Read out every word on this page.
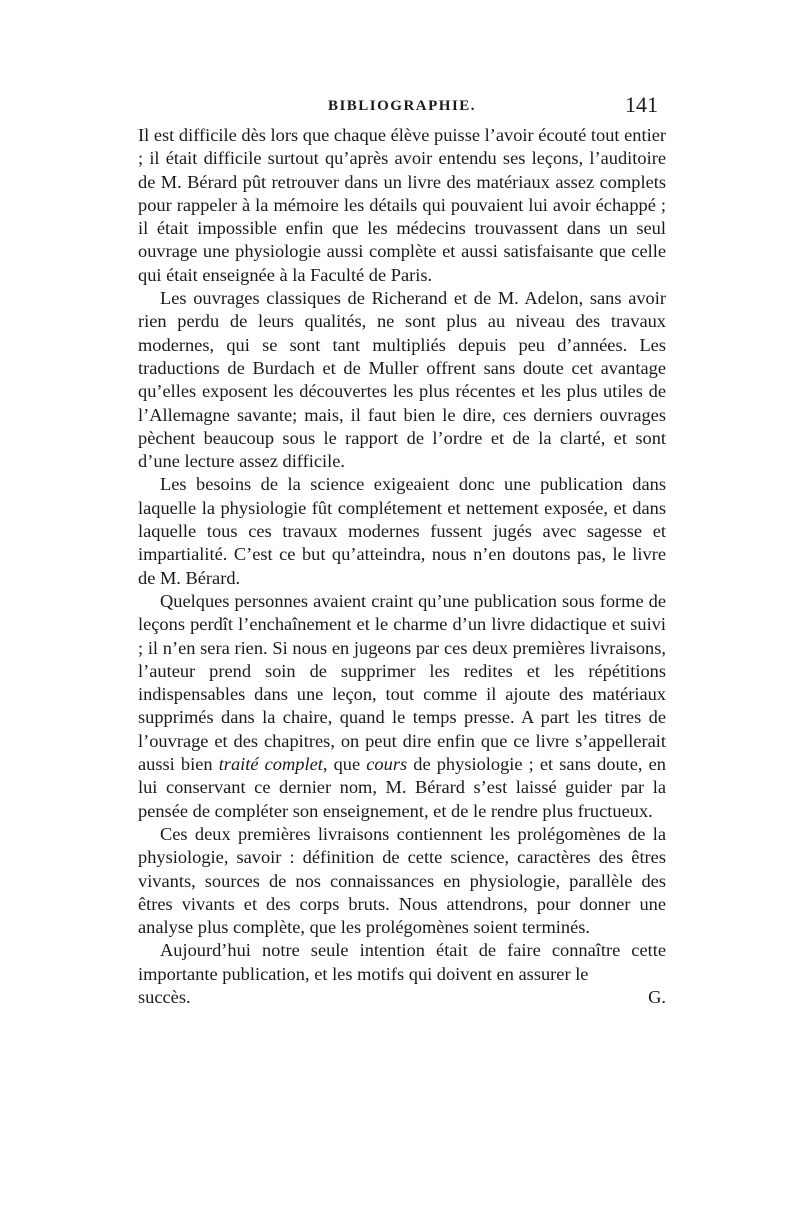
BIBLIOGRAPHIE.	141

Il est difficile dès lors que chaque élève puisse l’avoir écouté tout entier ; il était difficile surtout qu’après avoir entendu ses leçons, l’auditoire de M. Bérard pût retrouver dans un livre des matériaux assez complets pour rappeler à la mémoire les détails qui pouvaient lui avoir échappé ; il était impossible enfin que les médecins trouvassent dans un seul ouvrage une physiologie aussi complète et aussi satisfaisante que celle qui était enseignée à la Faculté de Paris.

Les ouvrages classiques de Richerand et de M. Adelon, sans avoir rien perdu de leurs qualités, ne sont plus au niveau des travaux modernes, qui se sont tant multipliés depuis peu d’années. Les traductions de Burdach et de Muller offrent sans doute cet avantage qu’elles exposent les découvertes les plus récentes et les plus utiles de l’Allemagne savante; mais, il faut bien le dire, ces derniers ouvrages pèchent beaucoup sous le rapport de l’ordre et de la clarté, et sont d’une lecture assez difficile.

Les besoins de la science exigeaient donc une publication dans laquelle la physiologie fût complétement et nettement exposée, et dans laquelle tous ces travaux modernes fussent jugés avec sagesse et impartialité. C’est ce but qu’atteindra, nous n’en doutons pas, le livre de M. Bérard.

Quelques personnes avaient craint qu’une publication sous forme de leçons perdît l’enchaînement et le charme d’un livre didactique et suivi ; il n’en sera rien. Si nous en jugeons par ces deux premières livraisons, l’auteur prend soin de supprimer les redites et les répétitions indispensables dans une leçon, tout comme il ajoute des matériaux supprimés dans la chaire, quand le temps presse. A part les titres de l’ouvrage et des chapitres, on peut dire enfin que ce livre s’appellerait aussi bien traité complet, que cours de physiologie ; et sans doute, en lui conservant ce dernier nom, M. Bérard s’est laissé guider par la pensée de compléter son enseignement, et de le rendre plus fructueux.

Ces deux premières livraisons contiennent les prolégomènes de la physiologie, savoir : définition de cette science, caractères des êtres vivants, sources de nos connaissances en physiologie, parallèle des êtres vivants et des corps bruts. Nous attendrons, pour donner une analyse plus complète, que les prolégomènes soient terminés.

Aujourd’hui notre seule intention était de faire connaître cette importante publication, et les motifs qui doivent en assurer le

succès.	G.
